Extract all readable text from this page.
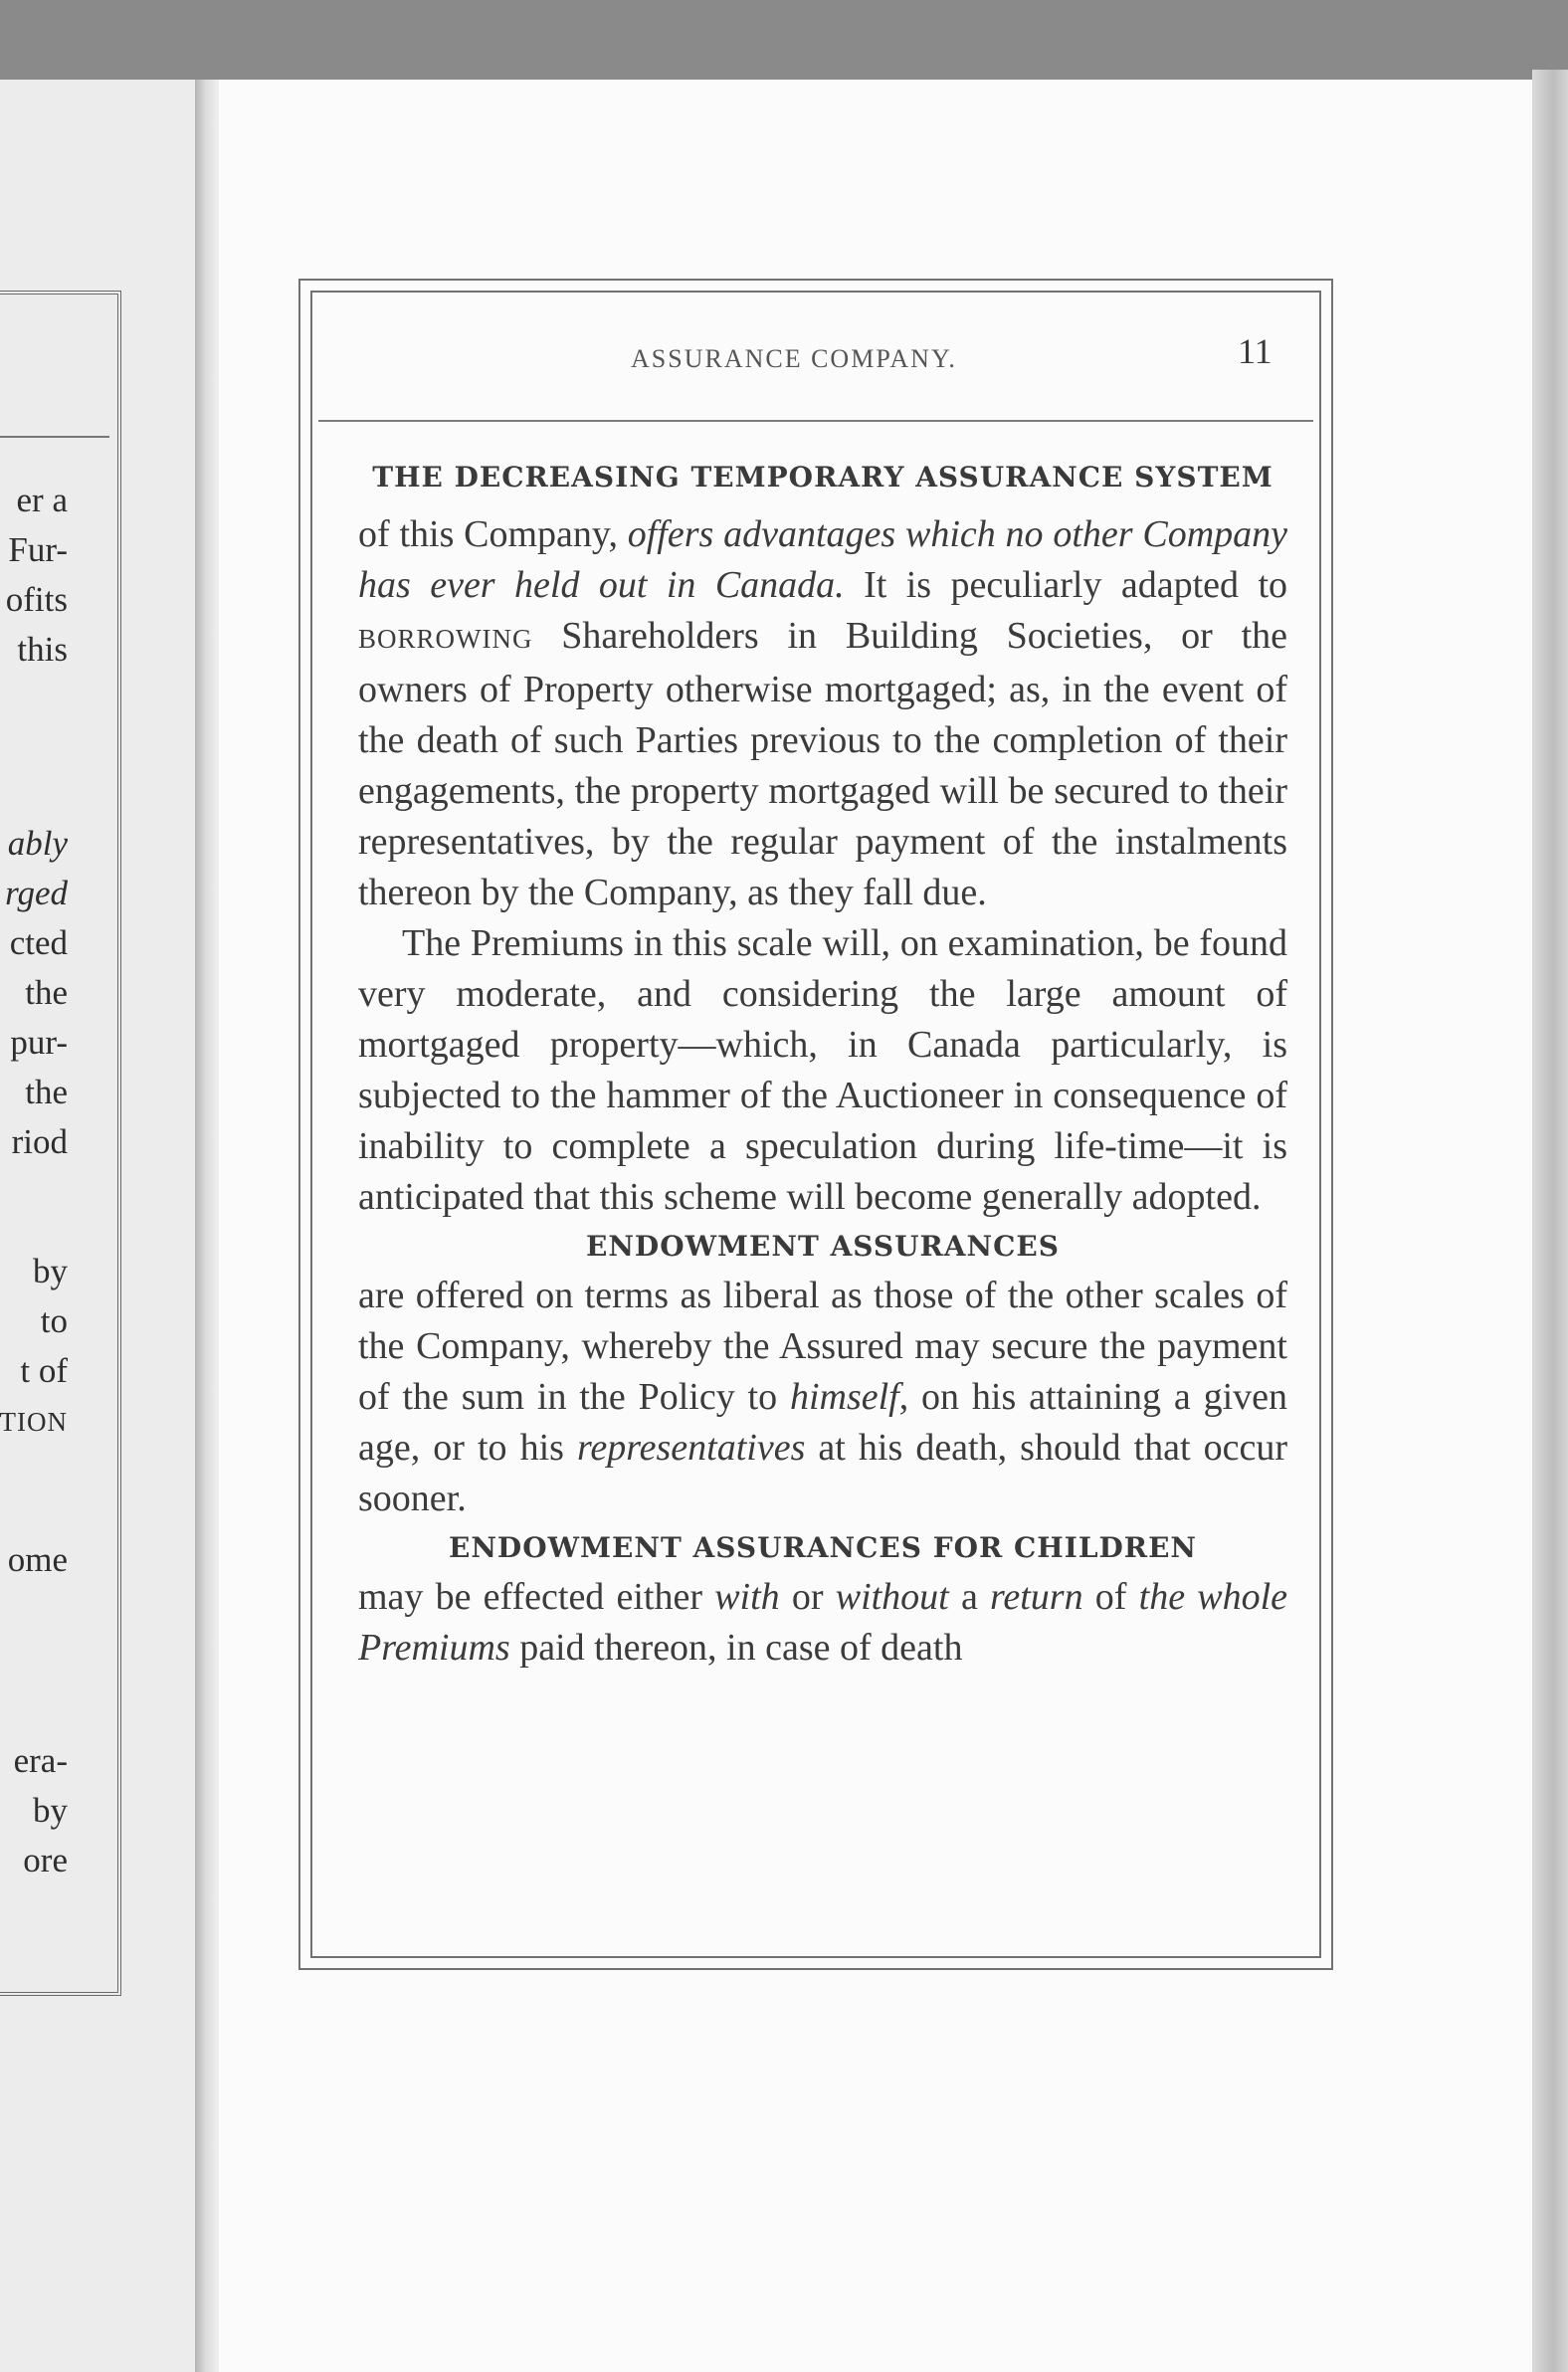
er a
Fur-
ofits
this
ably
rged
cted
the
pur-
the
riod
by
to
t of
TION
ome
era-
by
ore
ASSURANCE COMPANY.	11
THE DECREASING TEMPORARY ASSURANCE SYSTEM

of this Company, offers advantages which no other Company has ever held out in Canada. It is peculiarly adapted to BORROWING Shareholders in Building Societies, or the owners of Property otherwise mortgaged; as, in the event of the death of such Parties previous to the completion of their engagements, the property mortgaged will be secured to their representatives, by the regular payment of the instalments thereon by the Company, as they fall due.

The Premiums in this scale will, on examination, be found very moderate, and considering the large amount of mortgaged property—which, in Canada particularly, is subjected to the hammer of the Auctioneer in consequence of inability to complete a speculation during life-time—it is anticipated that this scheme will become generally adopted.

ENDOWMENT ASSURANCES

are offered on terms as liberal as those of the other scales of the Company, whereby the Assured may secure the payment of the sum in the Policy to himself, on his attaining a given age, or to his representatives at his death, should that occur sooner.

ENDOWMENT ASSURANCES FOR CHILDREN

may be effected either with or without a return of the whole Premiums paid thereon, in case of death
